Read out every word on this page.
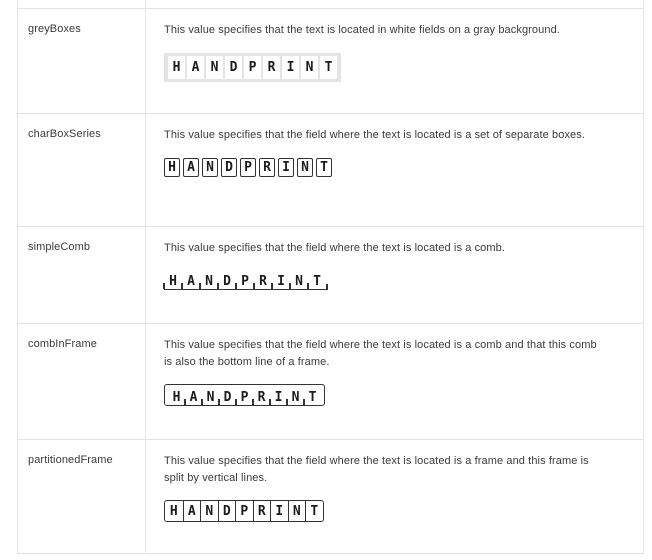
greyBoxes	This value specifies that the text is located in white fields on a gray background.
H A N D P R I N T
charBoxSeries	This value specifies that the field where the text is located is a set of separate boxes.
H A N D P R I N T
simpleComb	This value specifies that the field where the text is located is a comb.
H A N D P R I N T
combInFrame	This value specifies that the field where the text is located is a comb and that this comb is also the bottom line of a frame.
H A N D P R I N T
partitionedFrame	This value specifies that the field where the text is located is a frame and this frame is split by vertical lines.
H A N D P R I N T
